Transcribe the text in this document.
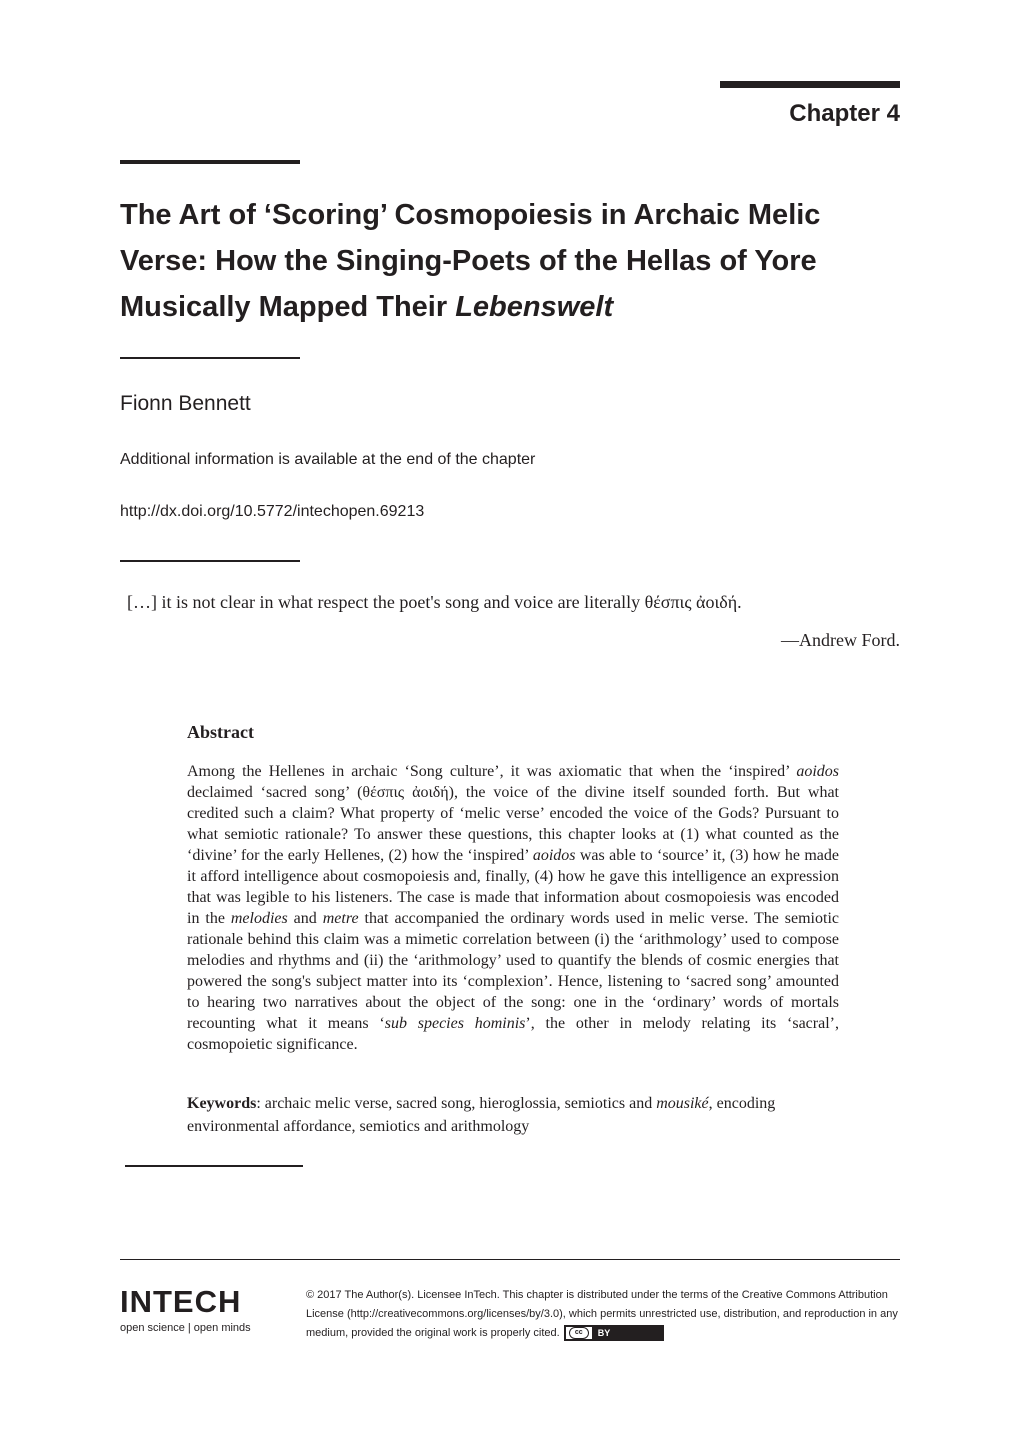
Chapter 4
The Art of ‘Scoring’ Cosmopoiesis in Archaic Melic
Verse: How the Singing-Poets of the Hellas of Yore
Musically Mapped Their Lebenswelt
Fionn Bennett
Additional information is available at the end of the chapter
http://dx.doi.org/10.5772/intechopen.69213
[…] it is not clear in what respect the poet's song and voice are literally θέσπις ἀοιδή.
—Andrew Ford.
Abstract
Among the Hellenes in archaic ‘Song culture’, it was axiomatic that when the ‘inspired’ aoidos declaimed ‘sacred song’ (θέσπις ἀοιδή), the voice of the divine itself sounded forth. But what credited such a claim? What property of ‘melic verse’ encoded the voice of the Gods? Pursuant to what semiotic rationale? To answer these questions, this chapter looks at (1) what counted as the ‘divine’ for the early Hellenes, (2) how the ‘inspired’ aoidos was able to ‘source’ it, (3) how he made it afford intelligence about cosmopoiesis and, finally, (4) how he gave this intelligence an expression that was legible to his listeners. The case is made that information about cosmopoiesis was encoded in the melodies and metre that accompanied the ordinary words used in melic verse. The semiotic rationale behind this claim was a mimetic correlation between (i) the ‘arithmology’ used to compose melodies and rhythms and (ii) the ‘arithmology’ used to quantify the blends of cosmic energies that powered the song's subject matter into its ‘complexion’. Hence, listening to ‘sacred song’ amounted to hearing two narratives about the object of the song: one in the ‘ordinary’ words of mortals recounting what it means ‘sub species hominis’, the other in melody relating its ‘sacral’, cosmopoietic significance.
Keywords: archaic melic verse, sacred song, hieroglossia, semiotics and mousiké, encoding environmental affordance, semiotics and arithmology
INTECH
open science | open minds
© 2017 The Author(s). Licensee InTech. This chapter is distributed under the terms of the Creative Commons Attribution License (http://creativecommons.org/licenses/by/3.0), which permits unrestricted use, distribution, and reproduction in any medium, provided the original work is properly cited.	cc	BY
